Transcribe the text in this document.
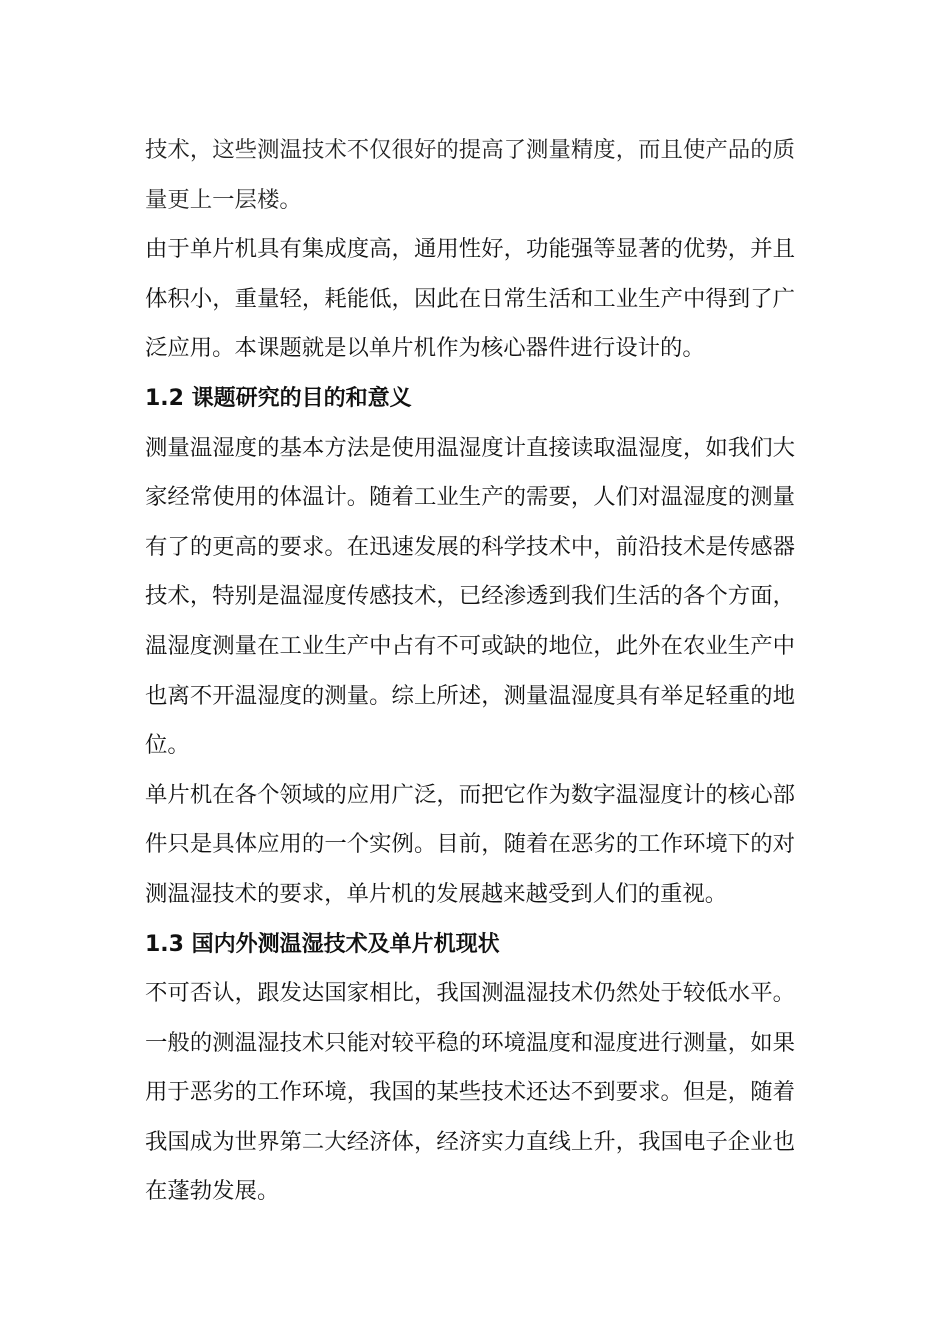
技术，这些测温技术不仅很好的提高了测量精度，而且使产品的质量更上一层楼。

由于单片机具有集成度高，通用性好，功能强等显著的优势，并且体积小，重量轻，耗能低，因此在日常生活和工业生产中得到了广泛应用。本课题就是以单片机作为核心器件进行设计的。

1.2 课题研究的目的和意义

测量温湿度的基本方法是使用温湿度计直接读取温湿度，如我们大家经常使用的体温计。随着工业生产的需要，人们对温湿度的测量有了的更高的要求。在迅速发展的科学技术中，前沿技术是传感器技术，特别是温湿度传感技术，已经渗透到我们生活的各个方面，温湿度测量在工业生产中占有不可或缺的地位，此外在农业生产中也离不开温湿度的测量。综上所述，测量温湿度具有举足轻重的地位。

单片机在各个领域的应用广泛，而把它作为数字温湿度计的核心部件只是具体应用的一个实例。目前，随着在恶劣的工作环境下的对测温湿技术的要求，单片机的发展越来越受到人们的重视。

1.3 国内外测温湿技术及单片机现状

不可否认，跟发达国家相比，我国测温湿技术仍然处于较低水平。一般的测温湿技术只能对较平稳的环境温度和湿度进行测量，如果用于恶劣的工作环境，我国的某些技术还达不到要求。但是，随着我国成为世界第二大经济体，经济实力直线上升，我国电子企业也在蓬勃发展。
